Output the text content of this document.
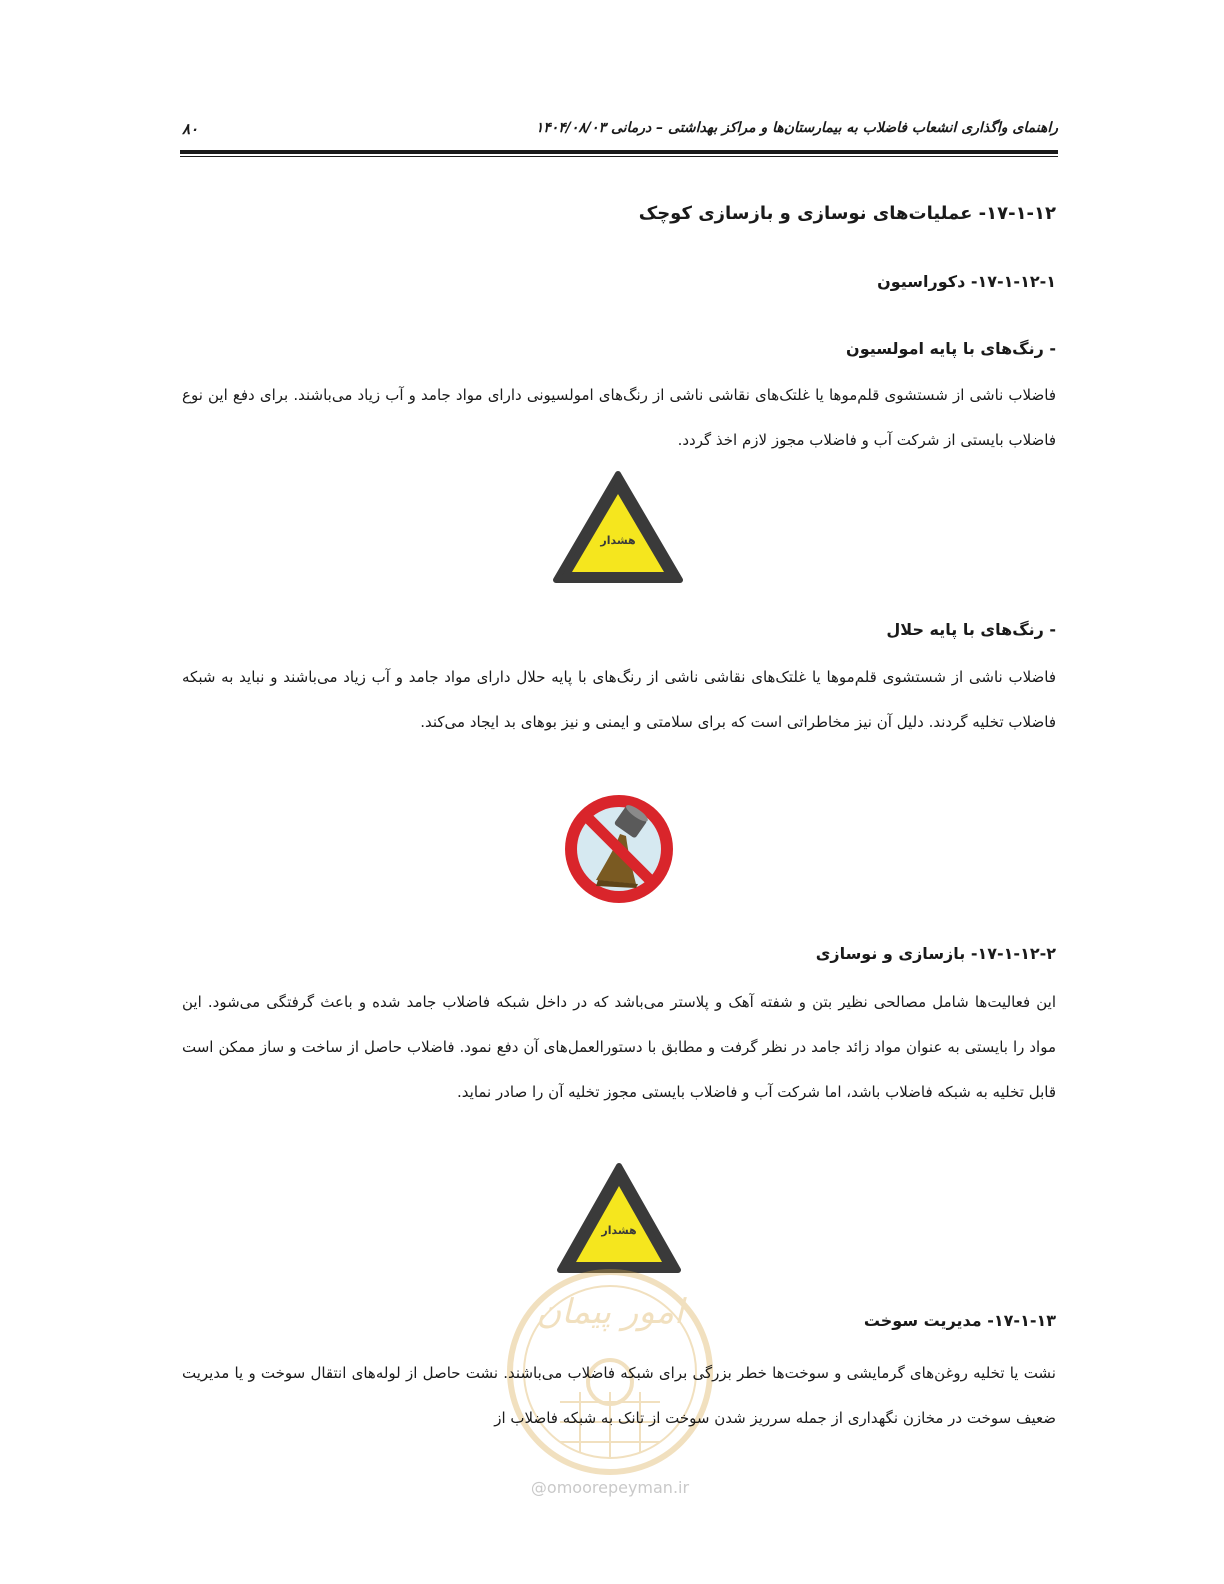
۸۰	راهنمای واگذاری انشعاب فاضلاب به بیمارستان‌ها و مراکز بهداشتی – درمانی ۱۴۰۴/۰۸/۰۳
۱۷-۱-۱۲- عملیات‌های نوسازی و بازسازی کوچک
۱۷-۱-۱۲-۱- دکوراسیون
- رنگ‌های با پایه امولسیون
فاضلاب ناشی از شستشوی قلم‌موها یا غلتک‌های نقاشی ناشی از رنگ‌های امولسیونی دارای مواد جامد و آب زیاد می‌باشند. برای دفع این نوع فاضلاب بایستی از شرکت آب و فاضلاب مجوز لازم اخذ گردد.
هشدار
- رنگ‌های با پایه حلال
فاضلاب ناشی از شستشوی قلم‌موها یا غلتک‌های نقاشی ناشی از رنگ‌های با پایه حلال دارای مواد جامد و آب زیاد می‌باشند و نباید به شبکه فاضلاب تخلیه گردند. دلیل آن نیز مخاطراتی است که برای سلامتی و ایمنی و نیز بوهای بد ایجاد می‌کند.
۱۷-۱-۱۲-۲- بازسازی و نوسازی
این فعالیت‌ها شامل مصالحی نظیر بتن و شفته آهک و پلاستر می‌باشد که در داخل شبکه فاضلاب جامد شده و باعث گرفتگی می‌شود. این مواد را بایستی به عنوان مواد زائد جامد در نظر گرفت و مطابق با دستورالعمل‌های آن دفع نمود. فاضلاب حاصل از ساخت و ساز ممکن است قابل تخلیه به شبکه فاضلاب باشد، اما شرکت آب و فاضلاب بایستی مجوز تخلیه آن را صادر نماید.
هشدار
امور پیمان	۱۷-۱-۱۳- مدیریت سوخت
نشت یا تخلیه روغن‌های گرمایشی و سوخت‌ها خطر بزرگی برای شبکه فاضلاب می‌باشند. نشت حاصل از لوله‌های انتقال سوخت و یا مدیریت ضعیف سوخت در مخازن نگهداری از جمله سرریز شدن سوخت از تانک به شبکه فاضلاب از
@omoorepeyman.ir
